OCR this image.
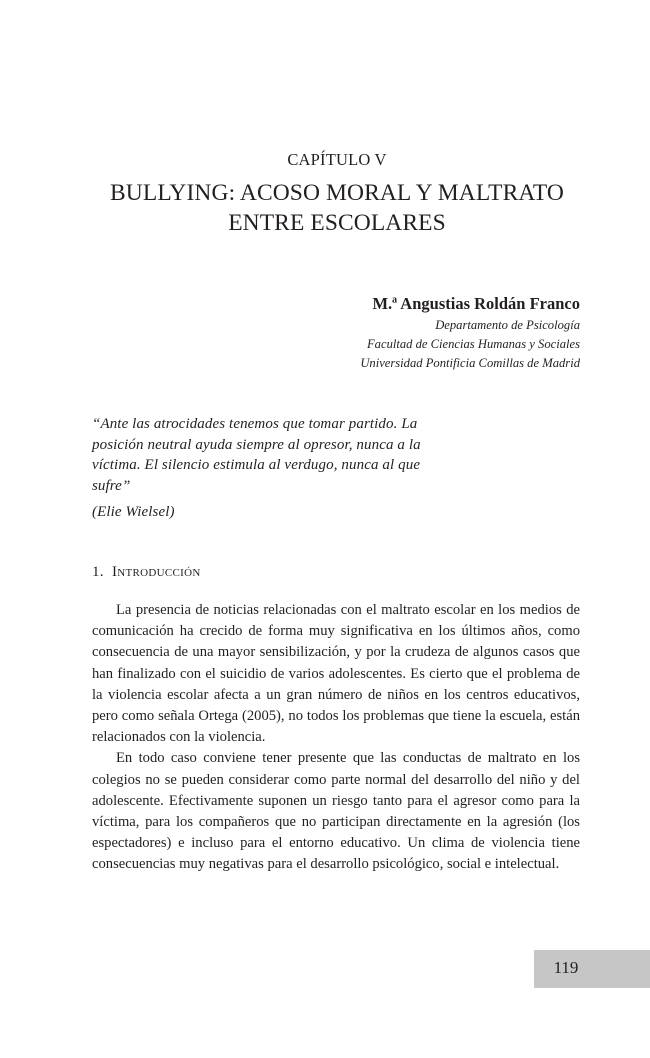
CAPÍTULO V
BULLYING: ACOSO MORAL Y MALTRATO
ENTRE ESCOLARES
M.ª Angustias Roldán Franco
Departamento de Psicología
Facultad de Ciencias Humanas y Sociales
Universidad Pontificia Comillas de Madrid
“Ante las atrocidades tenemos que tomar partido. La posición neutral ayuda siempre al opresor, nunca a la víctima. El silencio estimula al verdugo, nunca al que sufre”
(Elie Wielsel)
1. Introducción

La presencia de noticias relacionadas con el maltrato escolar en los medios de comunicación ha crecido de forma muy significativa en los últimos años, como consecuencia de una mayor sensibilización, y por la crudeza de algunos casos que han finalizado con el suicidio de varios adolescentes. Es cierto que el problema de la violencia escolar afecta a un gran número de niños en los centros educativos, pero como señala Ortega (2005), no todos los problemas que tiene la escuela, están relacionados con la violencia.

En todo caso conviene tener presente que las conductas de maltrato en los colegios no se pueden considerar como parte normal del desarrollo del niño y del adolescente. Efectivamente suponen un riesgo tanto para el agresor como para la víctima, para los compañeros que no participan directamente en la agresión (los espectadores) e incluso para el entorno educativo. Un clima de violencia tiene consecuencias muy negativas para el desarrollo psicológico, social e intelectual.

119
